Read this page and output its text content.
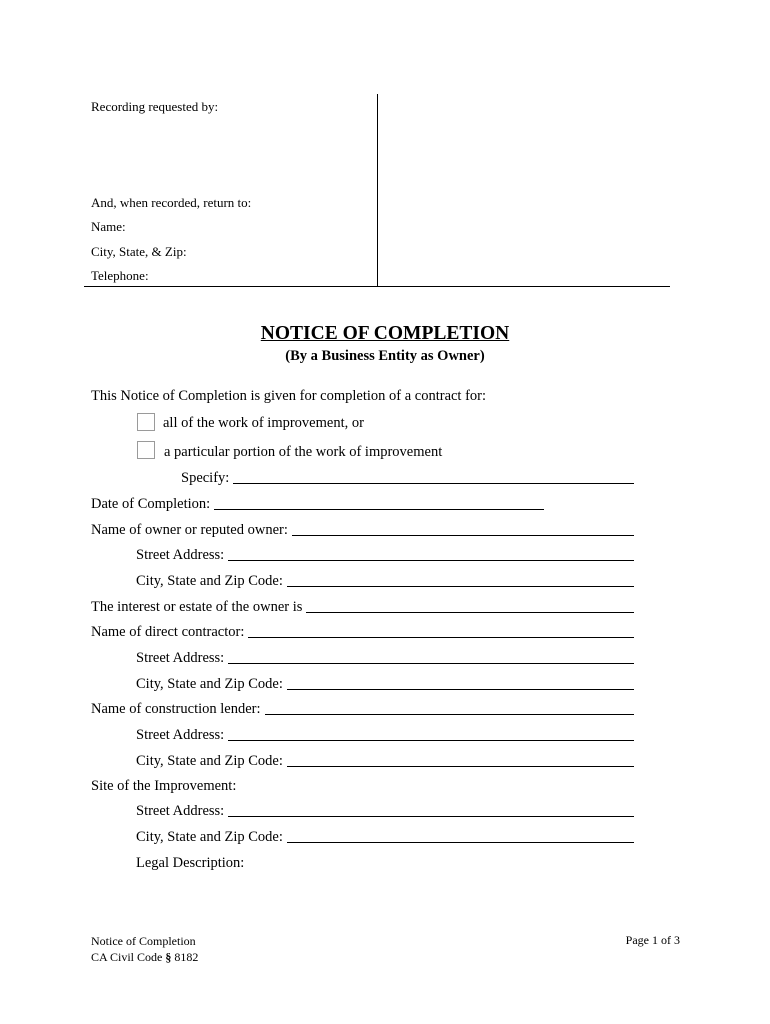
Recording requested by:
And, when recorded, return to:
Name:
City, State, & Zip:
Telephone:
NOTICE OF COMPLETION
(By a Business Entity as Owner)
This Notice of Completion is given for completion of a contract for:
all of the work of improvement, or
a particular portion of the work of improvement
Specify:
Date of Completion:
Name of owner or reputed owner:
Street Address:
City, State and Zip Code:
The interest or estate of the owner is
Name of direct contractor:
Street Address:
City, State and Zip Code:
Name of construction lender:
Street Address:
City, State and Zip Code:
Site of the Improvement:
Street Address:
City, State and Zip Code:
Legal Description:
Notice of Completion
CA Civil Code § 8182
Page 1 of 3
